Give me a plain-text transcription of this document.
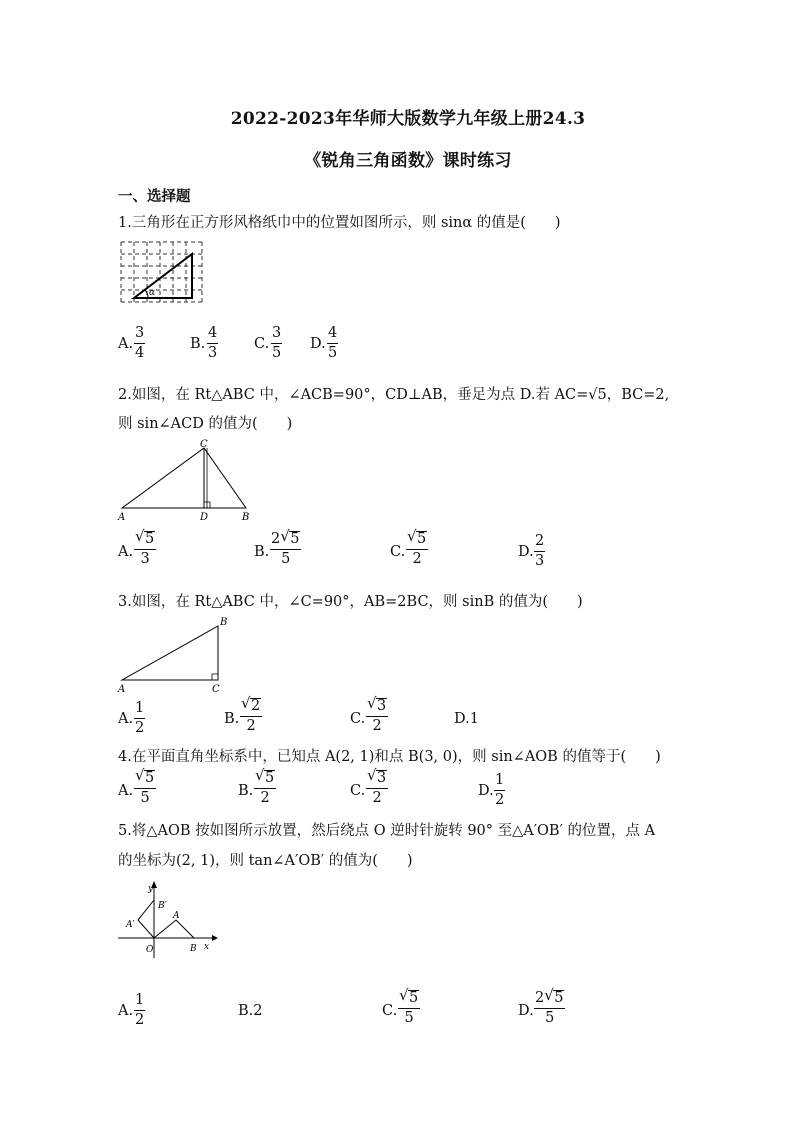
2022-2023年华师大版数学九年级上册24.3
《锐角三角函数》课时练习
一、选择题
1.三角形在正方形风格纸巾中的位置如图所示，则 sinα 的值是(　　)
α
A.
3
4
B.
4
3
C.
3
5
D.
4
5
2.如图，在 Rt△ABC 中，∠ACB=90°，CD⊥AB，垂足为点 D.若 AC=√5，BC=2,
则 sin∠ACD 的值为(　　)
C
A	D	B
A.
√ 5
3	B.
2 √ 5
5	C.
√ 5
2	D.
2
3
3.如图，在 Rt△ABC 中，∠C=90°，AB=2BC，则 sinB 的值为(　　)
B
A	C
A.
1
2
B.
√ 2
2	C.
√ 3
2	D.1
4.在平面直角坐标系中，已知点 A(2, 1)和点 B(3, 0)，则 sin∠AOB 的值等于(　　)
A.
√ 5
5	B.
√ 5
2	C.
√ 3
2	D.
1
2
5.将△AOB 按如图所示放置，然后绕点 O 逆时针旋转 90° 至△A′OB′ 的位置，点 A
的坐标为(2, 1)，则 tan∠A′OB′ 的值为(　　)
y
B′
A′
A
O	B x
A.
1
2
B.2	C.
√ 5
5	D.
2 √ 5
5
